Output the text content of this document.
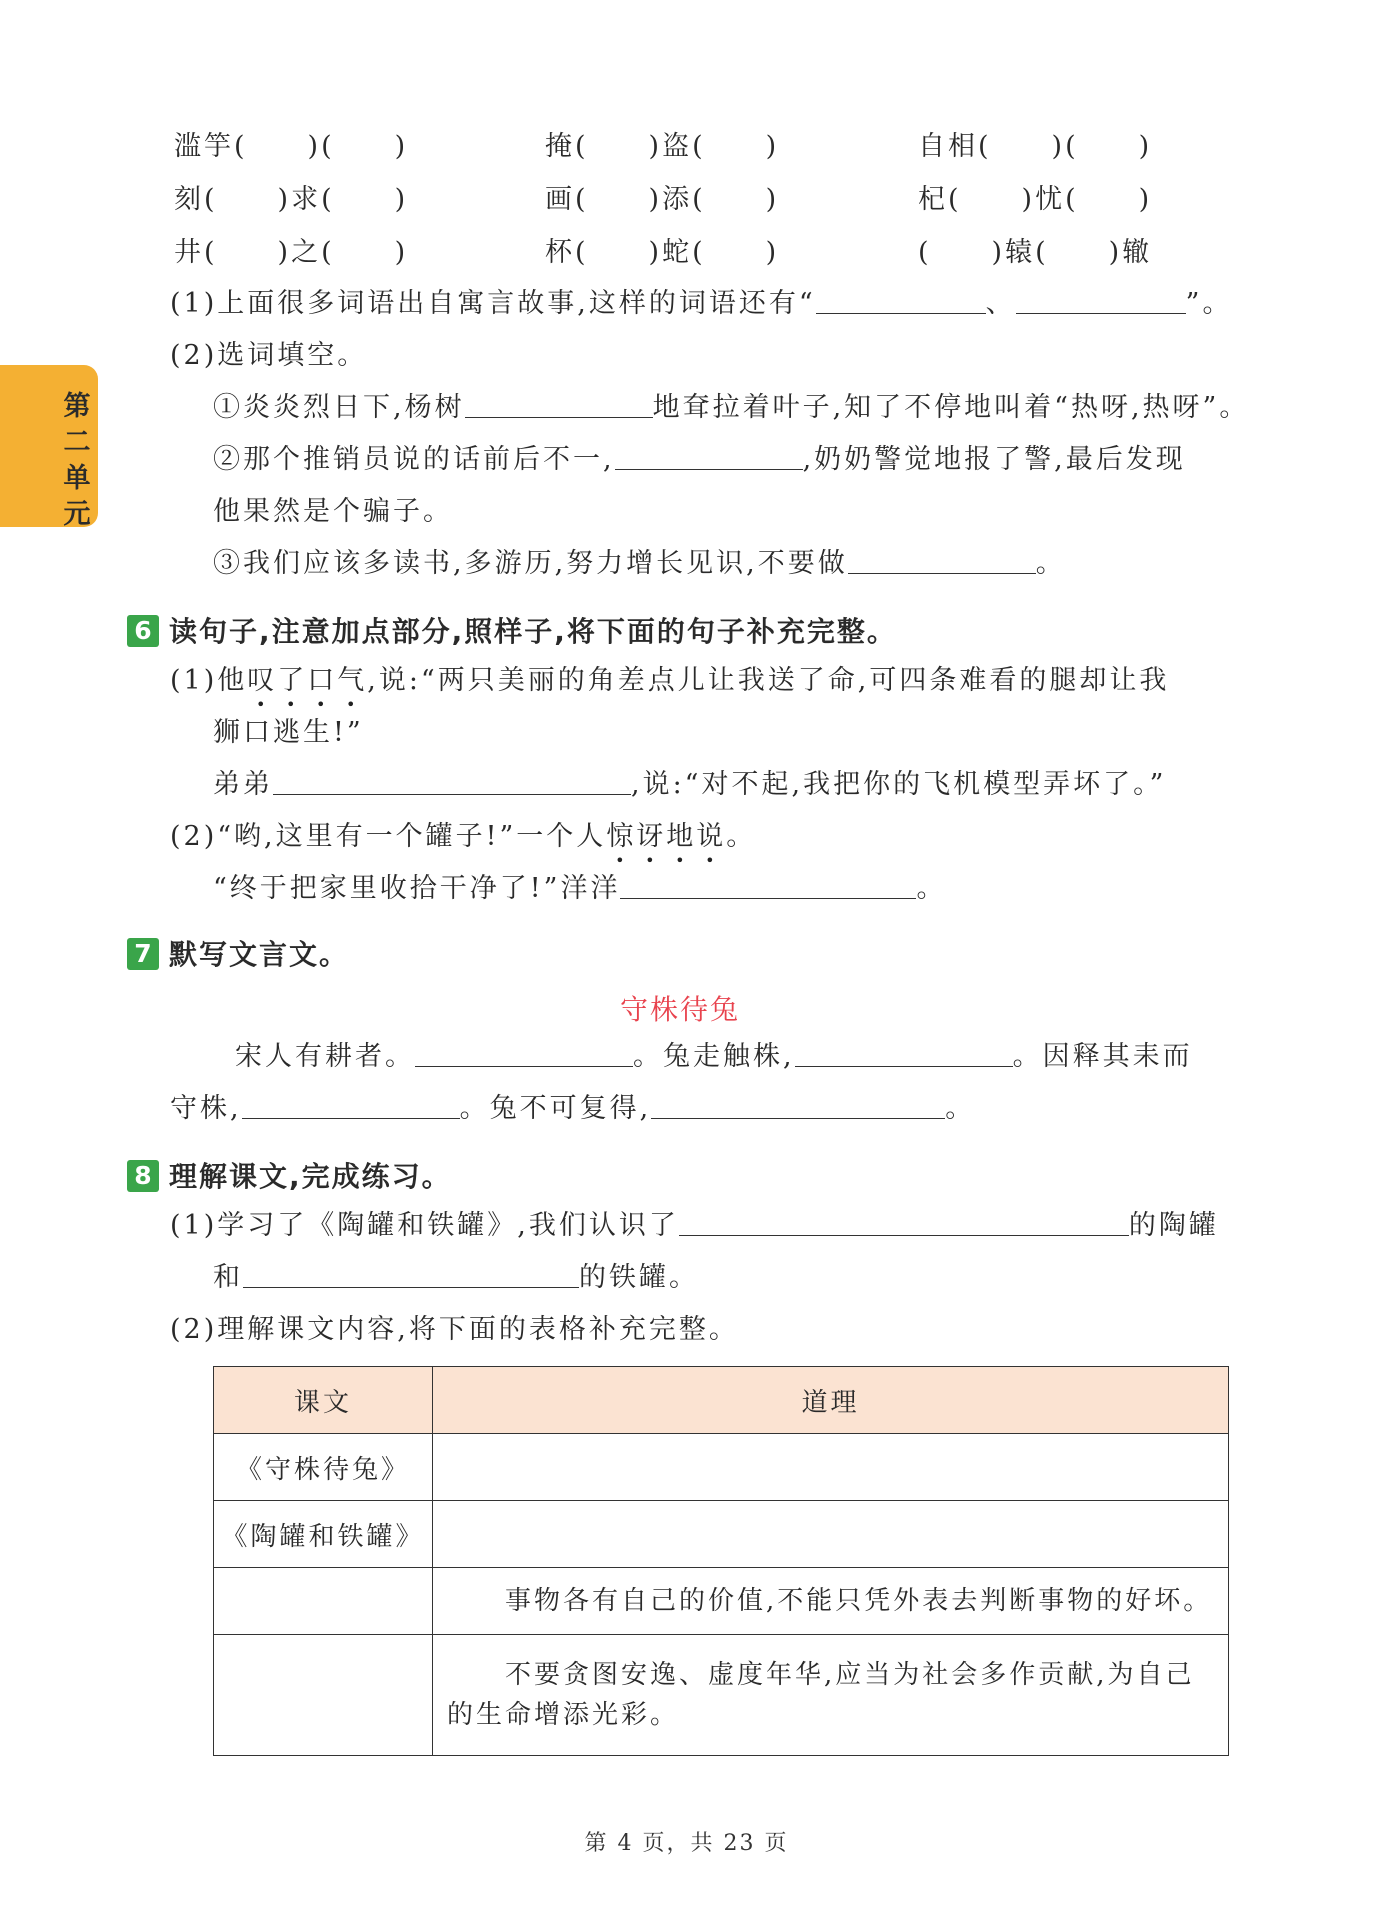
第二单元
滥竽(　　)(　　)	掩(　　)盗(　　)	自相(　　)(　　)
刻(　　)求(　　)	画(　　)添(　　)	杞(　　)忧(　　)
井(　　)之(　　)	杯(　　)蛇(　　)	(　　)辕(　　)辙
(1)上面很多词语出自寓言故事,这样的词语还有“	、	”。
(2)选词填空。
①炎炎烈日下,杨树	地耷拉着叶子,知了不停地叫着“热呀,热呀”。
②那个推销员说的话前后不一,	,奶奶警觉地报了警,最后发现
他果然是个骗子。
③我们应该多读书,多游历,努力增长见识,不要做	。
6 读句子,注意加点部分,照样子,将下面的句子补充完整。
(1)他叹了口气,说:“两只美丽的角差点儿让我送了命,可四条难看的腿却让我
狮口逃生!”
弟弟	,说:“对不起,我把你的飞机模型弄坏了。”
(2)“哟,这里有一个罐子!”一个人惊讶地说。
“终于把家里收拾干净了!”洋洋	。
7 默写文言文。
守株待兔
宋人有耕者。	。兔走触株,	。因释其耒而
守株,	。兔不可复得,	。
8 理解课文,完成练习。
(1)学习了《陶罐和铁罐》,我们认识了	的陶罐
和	的铁罐。
(2)理解课文内容,将下面的表格补充完整。
课文	道理
《守株待兔》	
《陶罐和铁罐》	
	事物各有自己的价值,不能只凭外表去判断事物的好坏。
	不要贪图安逸、虚度年华,应当为社会多作贡献,为自己的生命增添光彩。
第 4 页，共 23 页
